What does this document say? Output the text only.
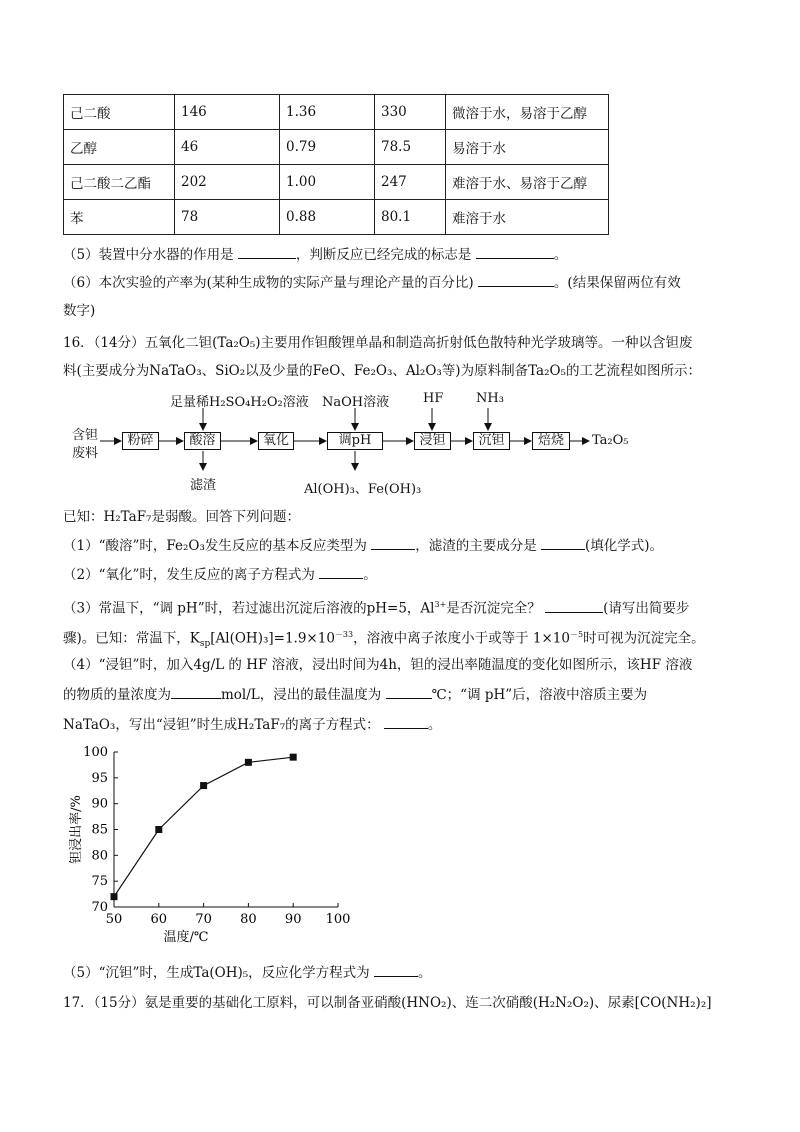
己二酸	146	1.36	330	微溶于水，易溶于乙醇
乙醇	46	0.79	78.5	易溶于水
己二酸二乙酯	202	1.00	247	难溶于水、易溶于乙醇
苯	78	0.88	80.1	难溶于水
（5）装置中分水器的作用是	，判断反应已经完成的标志是	。
（6）本次实验的产率为(某种生成物的实际产量与理论产量的百分比)	。(结果保留两位有效
数字)
16．（14分）五氧化二钽(Ta₂O₅)主要用作钽酸锂单晶和制造高折射低色散特种光学玻璃等。一种以含钽废
料(主要成分为NaTaO₃、SiO₂以及少量的FeO、Fe₂O₃、Al₂O₃等)为原料制备Ta₂O₅的工艺流程如图所示：
含钽
废料
粉碎	酸溶	氧化	调pH	浸钽	沉钽	焙烧	Ta₂O₅
足量稀H₂SO₄H₂O₂溶液 NaOH溶液	HF	NH₃
滤渣	Al(OH)₃、Fe(OH)₃
已知：H₂TaF₇是弱酸。回答下列问题：
（1）“酸溶”时，Fe₂O₃发生反应的基本反应类型为	，滤渣的主要成分是	(填化学式)。
（2）“氧化”时，发生反应的离子方程式为	。
（3）常温下，“调 pH”时，若过滤出沉淀后溶液的pH=5，$Al^{3+}$是否沉淀完全？	(请写出简要步
骤)。已知：常温下，$K_{sp}[Al(OH)_3]=1.9\times 10^{-33}$，溶液中离子浓度小于或等于 $1\times 10^{-5}$时可视为沉淀完全。
（4）“浸钽”时，加入4g/L 的 HF 溶液，浸出时间为4h，钽的浸出率随温度的变化如图所示，该HF 溶液
的物质的量浓度为	mol/L，浸出的最佳温度为	℃；“调 pH”后，溶液中溶质主要为
NaTaO₃，写出“浸钽”时生成H₂TaF₇的离子方程式：	。
50 60 70 80 90 100
70
75
80
85
90
95
100
温度/℃
钽浸出率/%
（5）“沉钽”时，生成Ta(OH)₅，反应化学方程式为	。
17．（15分）氨是重要的基础化工原料，可以制备亚硝酸(HNO₂)、连二次硝酸(H₂N₂O₂)、尿素[CO(NH₂)₂]
